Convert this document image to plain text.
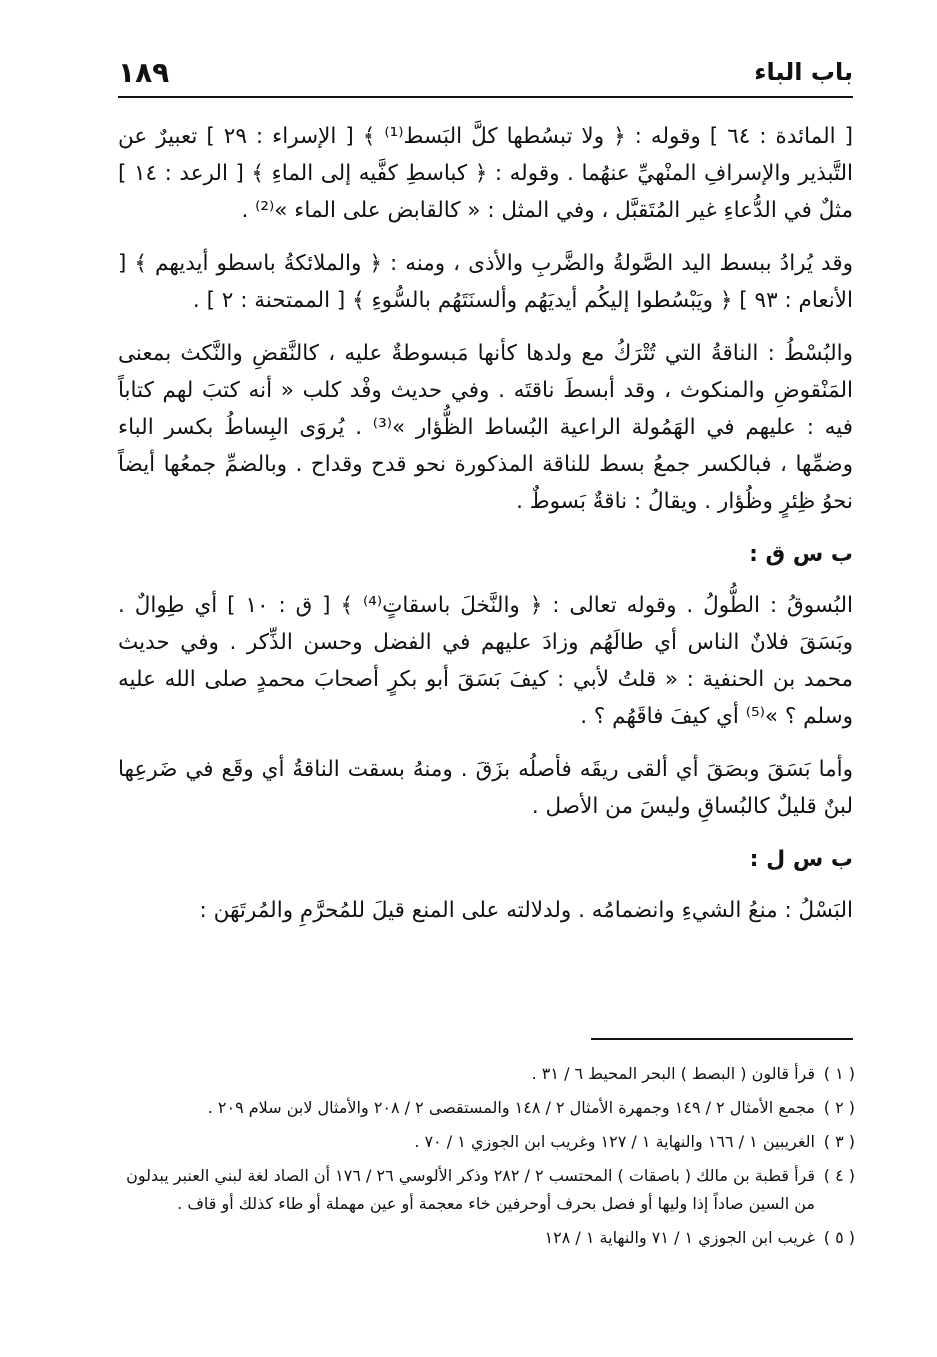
باب الباء
١٨٩

[ المائدة : ٦٤ ] وقوله : ﴿ ولا تبسُطها كلَّ البَسط⁽¹⁾ ﴾ [ الإسراء : ٢٩ ] تعبيرٌ عن التَّبذير والإسرافِ المنْهيِّ عنهُما . وقوله : ﴿ كباسطِ كفَّيه إلى الماءِ ﴾ [ الرعد : ١٤ ] مثلٌ في الدُّعاءِ غير المُتَقبَّل ، وفي المثل : « كالقابض على الماء »⁽²⁾ .

وقد يُرادُ ببسط اليد الصَّولةُ والضَّربِ والأذى ، ومنه : ﴿ والملائكةُ باسطو أيديهم ﴾ [ الأنعام : ٩٣ ] ﴿ ويَبْسُطوا إليكُم أيديَهُم وألسنَتَهُم بالسُّوءِ ﴾ [ الممتحنة : ٢ ] .

والبُسْطُ : الناقةُ التي تُتْرَكُ مع ولدها كأنها مَبسوطةٌ عليه ، كالنَّقضِ والنَّكث بمعنى المَنْقوضِ والمنكوث ، وقد أبسطَ ناقتَه . وفي حديث وفْد كلب « أنه كتبَ لهم كتاباً فيه : عليهم في الهَمُولة الراعية البُساط الظُّؤار »⁽³⁾ . يُروَى البِساطُ بكسر الباء وضمِّها ، فبالكسر جمعُ بسط للناقة المذكورة نحو قدح وقداح . وبالضمِّ جمعُها أيضاً نحوُ ظِئرٍ وظُؤار . ويقالُ : ناقةٌ بَسوطٌ .

ب س ق :

البُسوقُ : الطُّولُ . وقوله تعالى : ﴿ والنَّخلَ باسقاتٍ⁽⁴⁾ ﴾ [ ق : ١٠ ] أي طِوالٌ . وبَسَقَ فلانٌ الناس أي طالَهُم وزادَ عليهم في الفضل وحسن الذِّكر . وفي حديث محمد بن الحنفية : « قلتُ لأبي : كيفَ بَسَقَ أبو بكرٍ أصحابَ محمدٍ صلى الله عليه وسلم ؟ »⁽⁵⁾ أي كيفَ فاقَهُم ؟ .

وأما بَسَقَ وبصَقَ أي ألقى ريقَه فأصلُه بزَقَ . ومنهُ بسقت الناقةُ أي وقَع في ضَرعِها لبنٌ قليلٌ كالبُساقِ وليسَ من الأصل .

ب س ل :

البَسْلُ : منعُ الشيءِ وانضمامُه . ولدلالته على المنع قيلَ للمُحرَّمِ والمُرتَهَن :

( ١ )
قرأ قالون ( البصط ) البحر المحيط ٦ / ٣١ .
( ٢ )
مجمع الأمثال ٢ / ١٤٩ وجمهرة الأمثال ٢ / ١٤٨ والمستقصى ٢ / ٢٠٨ والأمثال لابن سلام ٢٠٩ .
( ٣ )
الغريبين ١ / ١٦٦ والنهاية ١ / ١٢٧ وغريب ابن الجوزي ١ / ٧٠ .
( ٤ )
قرأ قطبة بن مالك ( باصقات ) المحتسب ٢ / ٢٨٢ وذكر الألوسي ٢٦ / ١٧٦ أن الصاد لغة لبني العنبر يبدلون من السين صاداً إذا وليها أو فصل بحرف أوحرفين خاء معجمة أو عين مهملة أو طاء كذلك أو قاف .
( ٥ )
غريب ابن الجوزي ١ / ٧١ والنهاية ١ / ١٢٨
